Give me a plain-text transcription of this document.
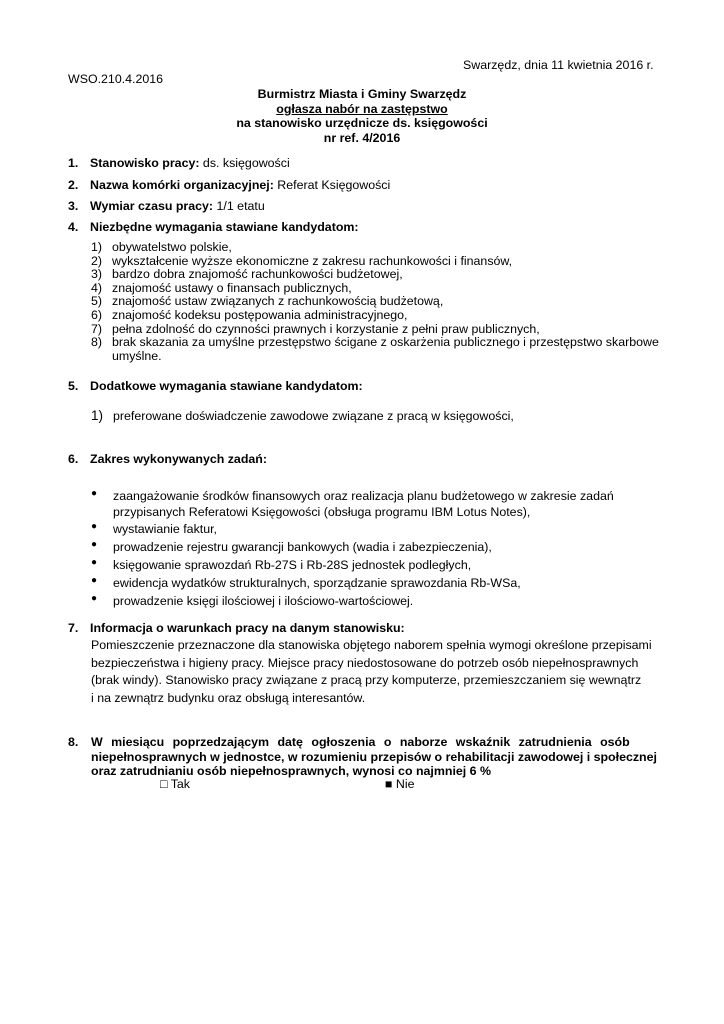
Swarzędz, dnia 11 kwietnia 2016 r.
WSO.210.4.2016
Burmistrz Miasta i Gminy Swarzędz
ogłasza nabór na zastępstwo
na stanowisko urzędnicze ds. księgowości
nr ref. 4/2016
1. Stanowisko pracy: ds. księgowości
2. Nazwa komórki organizacyjnej: Referat Księgowości
3. Wymiar czasu pracy: 1/1 etatu
4. Niezbędne wymagania stawiane kandydatom:
1) obywatelstwo polskie,
2) wykształcenie wyższe ekonomiczne z zakresu rachunkowości i finansów,
3) bardzo dobra znajomość rachunkowości budżetowej,
4) znajomość ustawy o finansach publicznych,
5) znajomość ustaw związanych z rachunkowością budżetową,
6) znajomość kodeksu postępowania administracyjnego,
7) pełna zdolność do czynności prawnych i korzystanie z pełni praw publicznych,
8) brak skazania za umyślne przestępstwo ścigane z oskarżenia publicznego i przestępstwo skarbowe
umyślne.
5. Dodatkowe wymagania stawiane kandydatom:
1) preferowane doświadczenie zawodowe związane z pracą w księgowości,
6. Zakres wykonywanych zadań:
● zaangażowanie środków finansowych oraz realizacja planu budżetowego w zakresie zadań
przypisanych Referatowi Księgowości (obsługa programu IBM Lotus Notes),
● wystawianie faktur,
● prowadzenie rejestru gwarancji bankowych (wadia i zabezpieczenia),
● księgowanie sprawozdań Rb-27S i Rb-28S jednostek podległych,
● ewidencja wydatków strukturalnych, sporządzanie sprawozdania Rb-WSa,
● prowadzenie księgi ilościowej i ilościowo-wartościowej.
7. Informacja o warunkach pracy na danym stanowisku:
Pomieszczenie przeznaczone dla stanowiska objętego naborem spełnia wymogi określone przepisami
bezpieczeństwa i higieny pracy. Miejsce pracy niedostosowane do potrzeb osób niepełnosprawnych
(brak windy). Stanowisko pracy związane z pracą przy komputerze, przemieszczaniem się wewnątrz
i na zewnątrz budynku oraz obsługą interesantów.
8.	W miesiącu poprzedzającym datę ogłoszenia o naborze wskaźnik zatrudnienia osób
niepełnosprawnych w jednostce, w rozumieniu przepisów o rehabilitacji zawodowej i społecznej
oraz zatrudnianiu osób niepełnosprawnych, wynosi co najmniej 6 %
□ Tak	■ Nie
